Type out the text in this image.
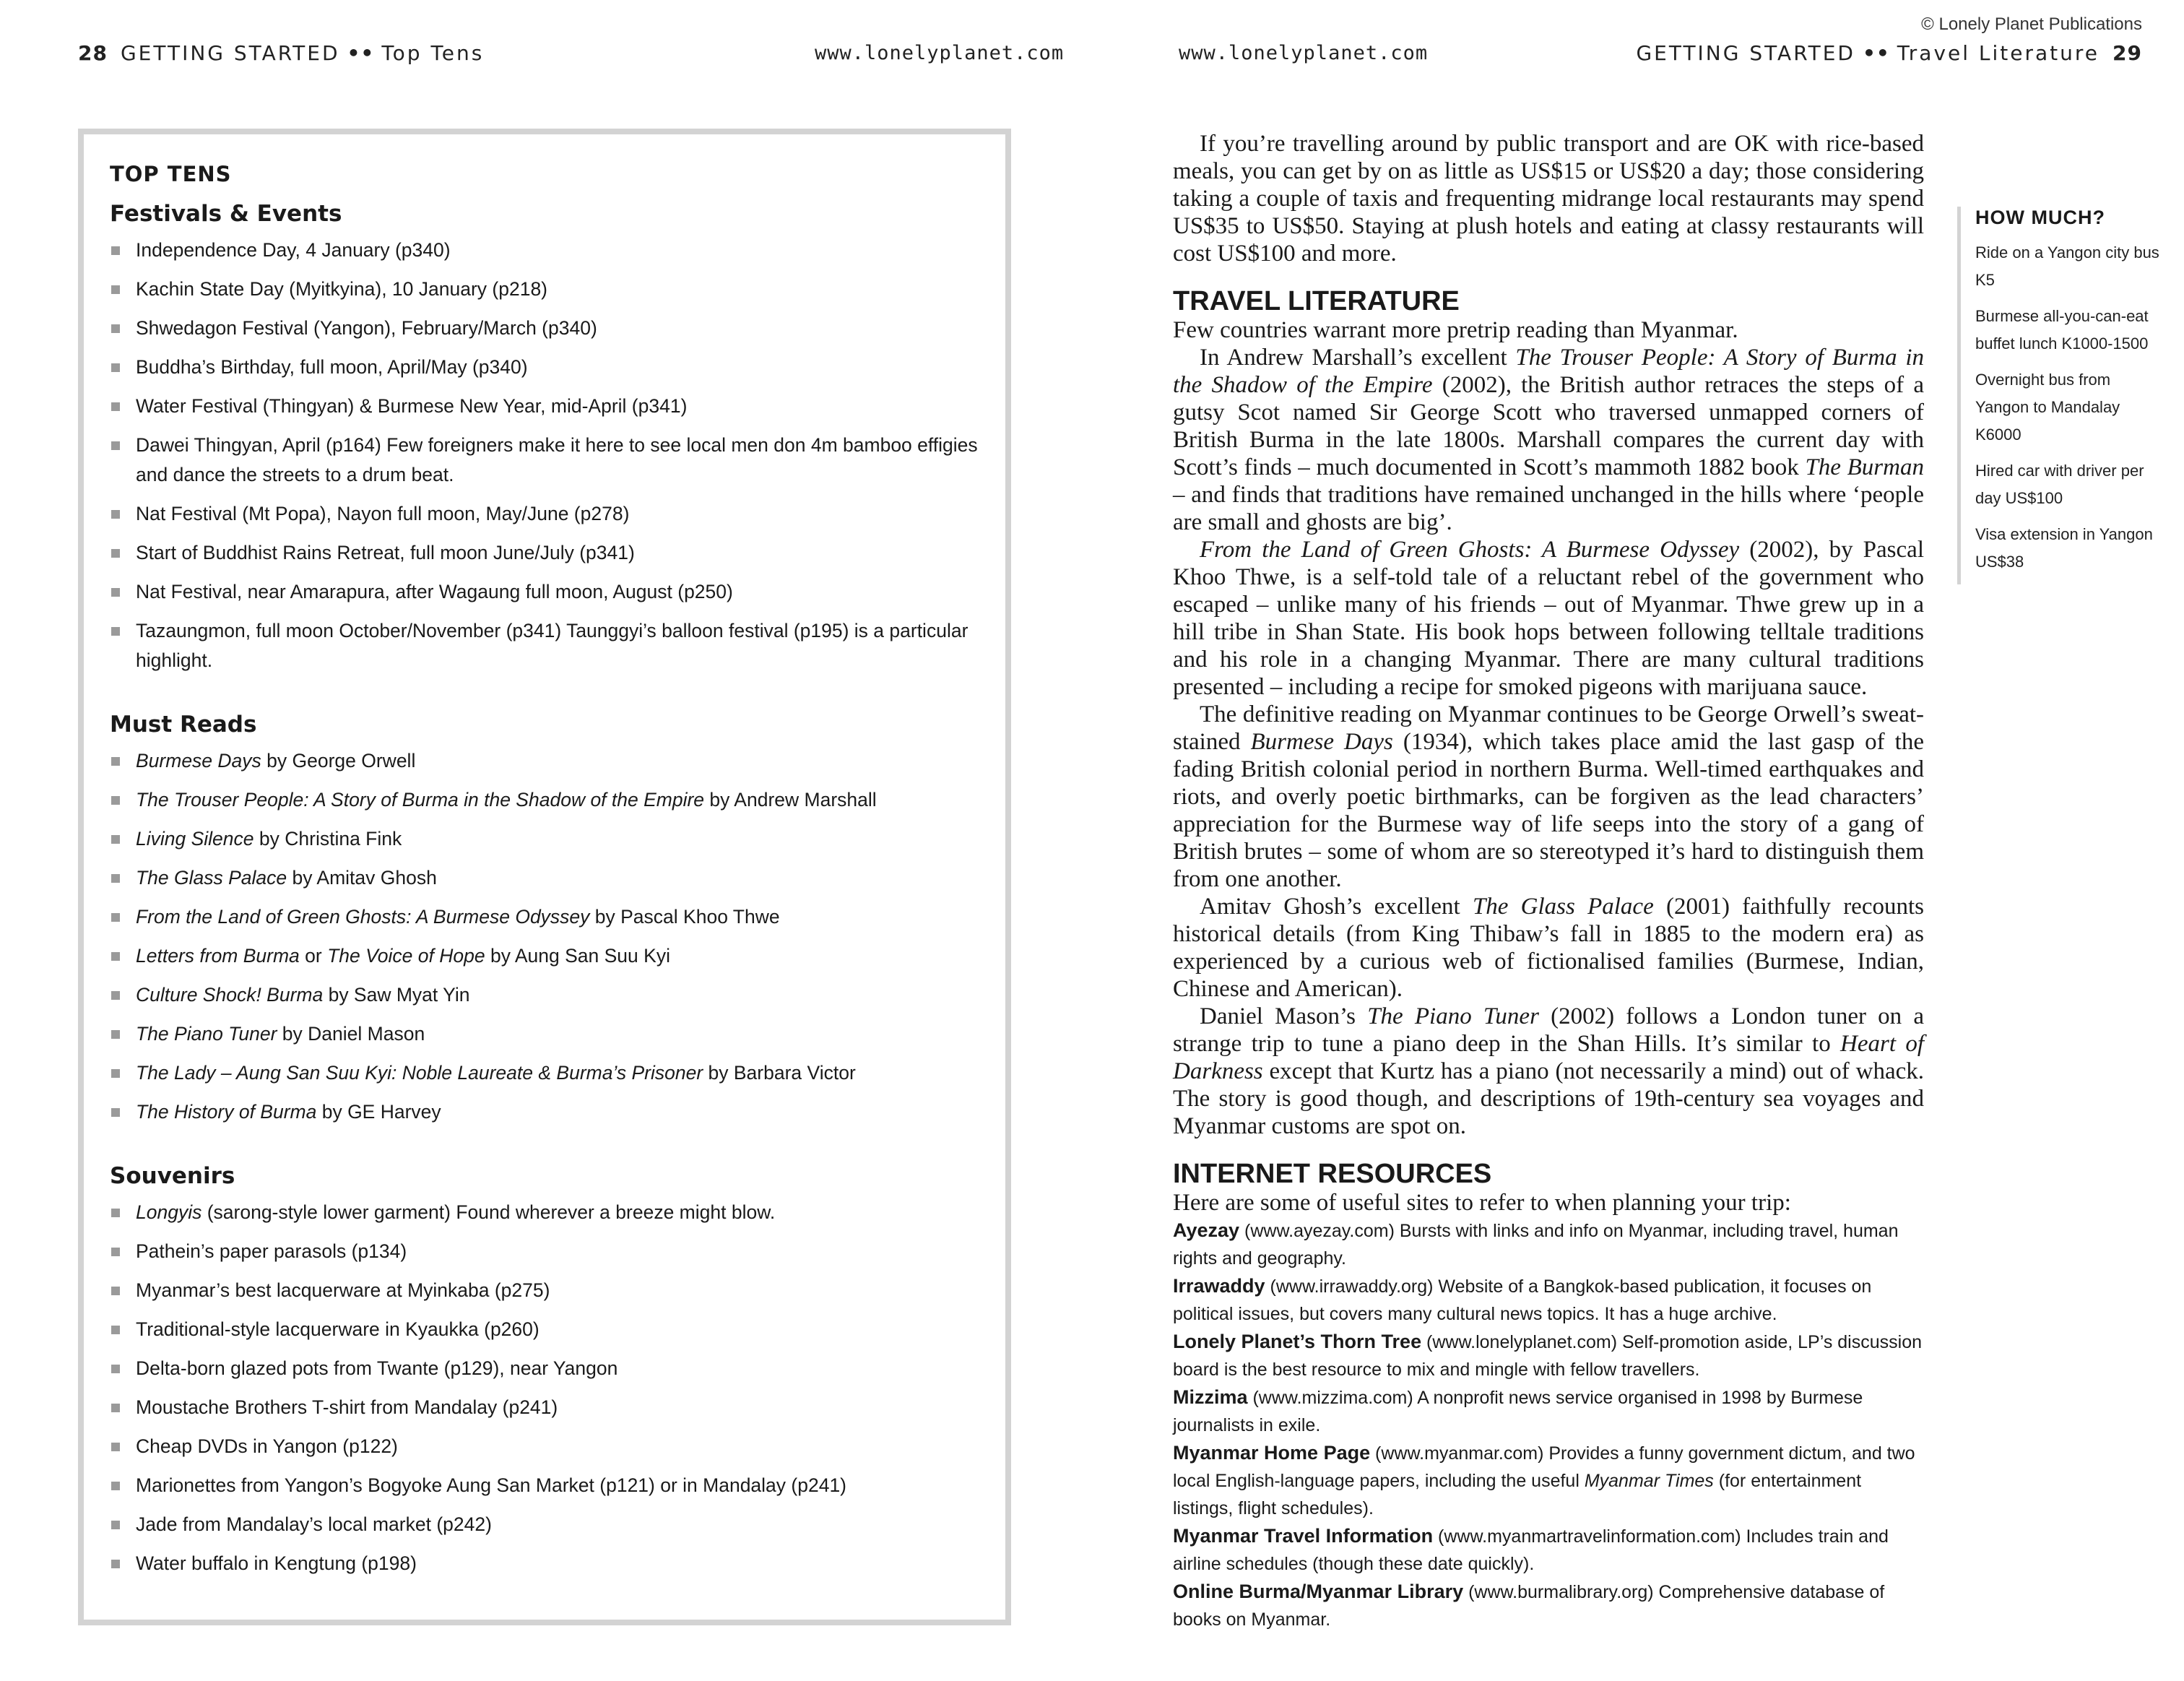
© Lonely Planet Publications
28 GETTING STARTED •• Top Tens	www.lonelyplanet.com	www.lonelyplanet.com	GETTING STARTED •• Travel Literature 29
TOP TENS
Festivals & Events
Independence Day, 4 January (p340)
Kachin State Day (Myitkyina), 10 January (p218)
Shwedagon Festival (Yangon), February/March (p340)
Buddha’s Birthday, full moon, April/May (p340)
Water Festival (Thingyan) & Burmese New Year, mid-April (p341)
Dawei Thingyan, April (p164) Few foreigners make it here to see local men don 4m bamboo effigies and dance the streets to a drum beat.
Nat Festival (Mt Popa), Nayon full moon, May/June (p278)
Start of Buddhist Rains Retreat, full moon June/July (p341)
Nat Festival, near Amarapura, after Wagaung full moon, August (p250)
Tazaungmon, full moon October/November (p341) Taunggyi’s balloon festival (p195) is a particular highlight.
Must Reads
Burmese Days by George Orwell
The Trouser People: A Story of Burma in the Shadow of the Empire by Andrew Marshall
Living Silence by Christina Fink
The Glass Palace by Amitav Ghosh
From the Land of Green Ghosts: A Burmese Odyssey by Pascal Khoo Thwe
Letters from Burma or The Voice of Hope by Aung San Suu Kyi
Culture Shock! Burma by Saw Myat Yin
The Piano Tuner by Daniel Mason
The Lady – Aung San Suu Kyi: Noble Laureate & Burma’s Prisoner by Barbara Victor
The History of Burma by GE Harvey
Souvenirs
Longyis (sarong-style lower garment) Found wherever a breeze might blow.
Pathein’s paper parasols (p134)
Myanmar’s best lacquerware at Myinkaba (p275)
Traditional-style lacquerware in Kyaukka (p260)
Delta-born glazed pots from Twante (p129), near Yangon
Moustache Brothers T-shirt from Mandalay (p241)
Cheap DVDs in Yangon (p122)
Marionettes from Yangon’s Bogyoke Aung San Market (p121) or in Mandalay (p241)
Jade from Mandalay’s local market (p242)
Water buffalo in Kengtung (p198)

If you’re travelling around by public transport and are OK with rice-based meals, you can get by on as little as US$15 or US$20 a day; those considering taking a couple of taxis and frequenting midrange local restaurants may spend US$35 to US$50. Staying at plush hotels and eating at classy restaurants will cost US$100 and more.

TRAVEL LITERATURE

Few countries warrant more pretrip reading than Myanmar.

In Andrew Marshall’s excellent The Trouser People: A Story of Burma in the Shadow of the Empire (2002), the British author retraces the steps of a gutsy Scot named Sir George Scott who traversed unmapped corners of British Burma in the late 1800s. Marshall compares the current day with Scott’s finds – much documented in Scott’s mammoth 1882 book The Burman – and finds that traditions have remained unchanged in the hills where ‘people are small and ghosts are big’.

From the Land of Green Ghosts: A Burmese Odyssey (2002), by Pascal Khoo Thwe, is a self-told tale of a reluctant rebel of the government who escaped – unlike many of his friends – out of Myanmar. Thwe grew up in a hill tribe in Shan State. His book hops between following telltale traditions and his role in a changing Myanmar. There are many cultural traditions presented – including a recipe for smoked pigeons with marijuana sauce.

The definitive reading on Myanmar continues to be George Orwell’s sweat-stained Burmese Days (1934), which takes place amid the last gasp of the fading British colonial period in northern Burma. Well-timed earthquakes and riots, and overly poetic birthmarks, can be forgiven as the lead characters’ appreciation for the Burmese way of life seeps into the story of a gang of British brutes – some of whom are so stereotyped it’s hard to distinguish them from one another.

Amitav Ghosh’s excellent The Glass Palace (2001) faithfully recounts historical details (from King Thibaw’s fall in 1885 to the modern era) as experienced by a curious web of fictionalised families (Burmese, Indian, Chinese and American).

Daniel Mason’s The Piano Tuner (2002) follows a London tuner on a strange trip to tune a piano deep in the Shan Hills. It’s similar to Heart of Darkness except that Kurtz has a piano (not necessarily a mind) out of whack. The story is good though, and descriptions of 19th-century sea voyages and Myanmar customs are spot on.

INTERNET RESOURCES

Here are some of useful sites to refer to when planning your trip:

Ayezay (www.ayezay.com) Bursts with links and info on Myanmar, including travel, human rights and geography.
Irrawaddy (www.irrawaddy.org) Website of a Bangkok-based publication, it focuses on political issues, but covers many cultural news topics. It has a huge archive.
Lonely Planet’s Thorn Tree (www.lonelyplanet.com) Self-promotion aside, LP’s discussion board is the best resource to mix and mingle with fellow travellers.
Mizzima (www.mizzima.com) A nonprofit news service organised in 1998 by Burmese journalists in exile.
Myanmar Home Page (www.myanmar.com) Provides a funny government dictum, and two local English-language papers, including the useful Myanmar Times (for entertainment listings, flight schedules).
Myanmar Travel Information (www.myanmartravelinformation.com) Includes train and airline schedules (though these date quickly).
Online Burma/Myanmar Library (www.burmalibrary.org) Comprehensive database of books on Myanmar.
HOW MUCH?
Ride on a Yangon city bus K5
Burmese all-you-can-eat buffet lunch K1000-1500
Overnight bus from Yangon to Mandalay K6000
Hired car with driver per day US$100
Visa extension in Yangon US$38
